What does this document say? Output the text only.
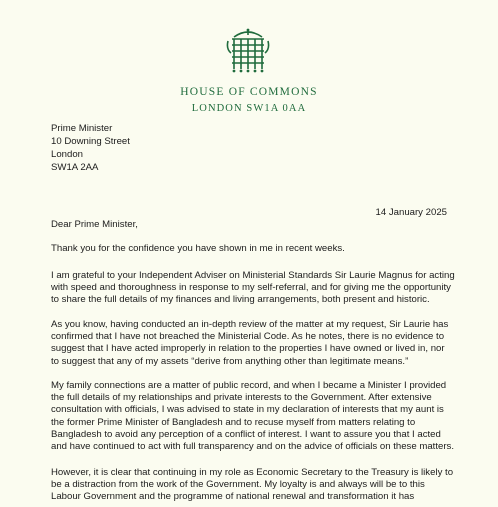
HOUSE OF COMMONS
LONDON SW1A 0AA
Prime Minister
10 Downing Street
London
SW1A 2AA
14 January 2025
Dear Prime Minister,
Thank you for the confidence you have shown in me in recent weeks.
I am grateful to your Independent Adviser on Ministerial Standards Sir Laurie Magnus for acting
with speed and thoroughness in response to my self-referral, and for giving me the opportunity
to share the full details of my finances and living arrangements, both present and historic.
As you know, having conducted an in-depth review of the matter at my request, Sir Laurie has
confirmed that I have not breached the Ministerial Code. As he notes, there is no evidence to
suggest that I have acted improperly in relation to the properties I have owned or lived in, nor
to suggest that any of my assets “derive from anything other than legitimate means.”
My family connections are a matter of public record, and when I became a Minister I provided
the full details of my relationships and private interests to the Government. After extensive
consultation with officials, I was advised to state in my declaration of interests that my aunt is
the former Prime Minister of Bangladesh and to recuse myself from matters relating to
Bangladesh to avoid any perception of a conflict of interest. I want to assure you that I acted
and have continued to act with full transparency and on the advice of officials on these matters.
However, it is clear that continuing in my role as Economic Secretary to the Treasury is likely to
be a distraction from the work of the Government. My loyalty is and always will be to this
Labour Government and the programme of national renewal and transformation it has
